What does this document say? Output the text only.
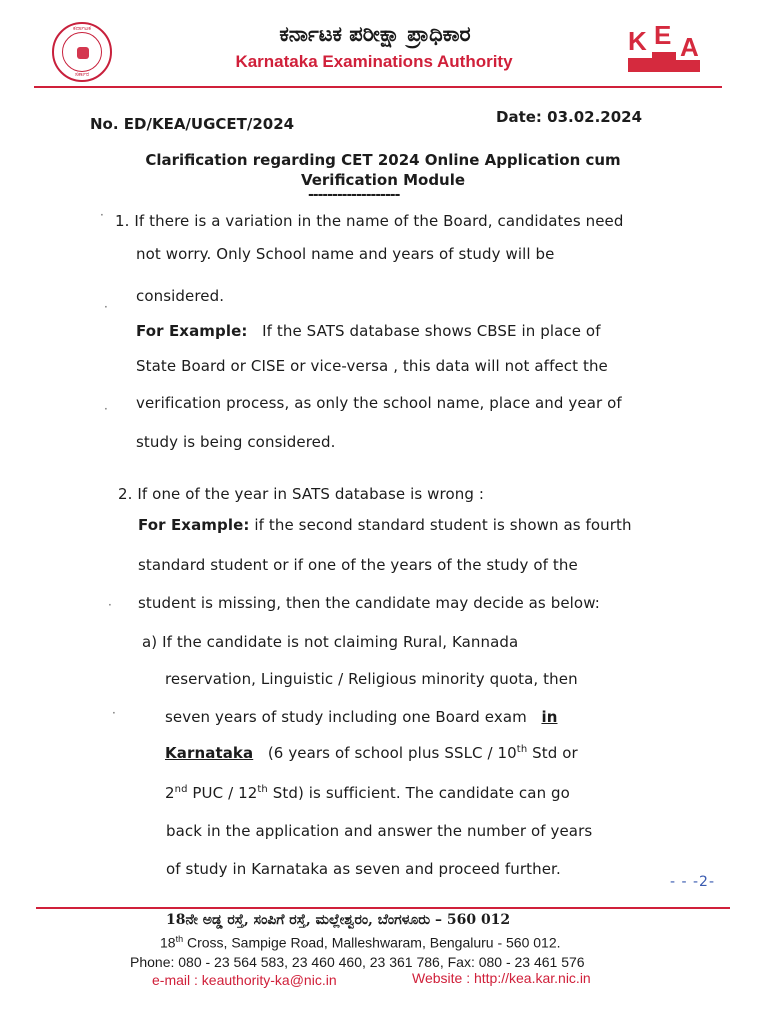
ಕರ್ನಾಟಕ
ಸರ್ಕಾರ
ಕರ್ನಾಟಕ ಪರೀಕ್ಷಾ ಪ್ರಾಧಿಕಾರ
Karnataka Examinations Authority
K E A
No. ED/KEA/UGCET/2024	Date: 03.02.2024
Clarification regarding CET 2024 Online Application cum
Verification Module
-------------------
· 1. If there is a variation in the name of the Board, candidates need
not worry. Only School name and years of study will be
considered.
·
For Example: If the SATS database shows CBSE in place of
State Board or CISE or vice-versa , this data will not affect the
verification process, as only the school name, place and year of
·
study is being considered.
2. If one of the year in SATS database is wrong :
For Example: if the second standard student is shown as fourth
standard student or if one of the years of the study of the
· student is missing, then the candidate may decide as below:
a) If the candidate is not claiming Rural, Kannada
reservation, Linguistic / Religious minority quota, then
seven years of study including one Board exam in
·
Karnataka (6 years of school plus SSLC / 10th Std or
2nd PUC / 12th Std) is sufficient. The candidate can go
back in the application and answer the number of years
of study in Karnataka as seven and proceed further.
- - -2-
18ನೇ ಅಡ್ಡ ರಸ್ತೆ, ಸಂಪಿಗೆ ರಸ್ತೆ, ಮಲ್ಲೇಶ್ವರಂ, ಬೆಂಗಳೂರು – 560 012
18th Cross, Sampige Road, Malleshwaram, Bengaluru - 560 012.
Phone: 080 - 23 564 583, 23 460 460, 23 361 786, Fax: 080 - 23 461 576
e-mail : keauthority-ka@nic.in	Website : http://kea.kar.nic.in
